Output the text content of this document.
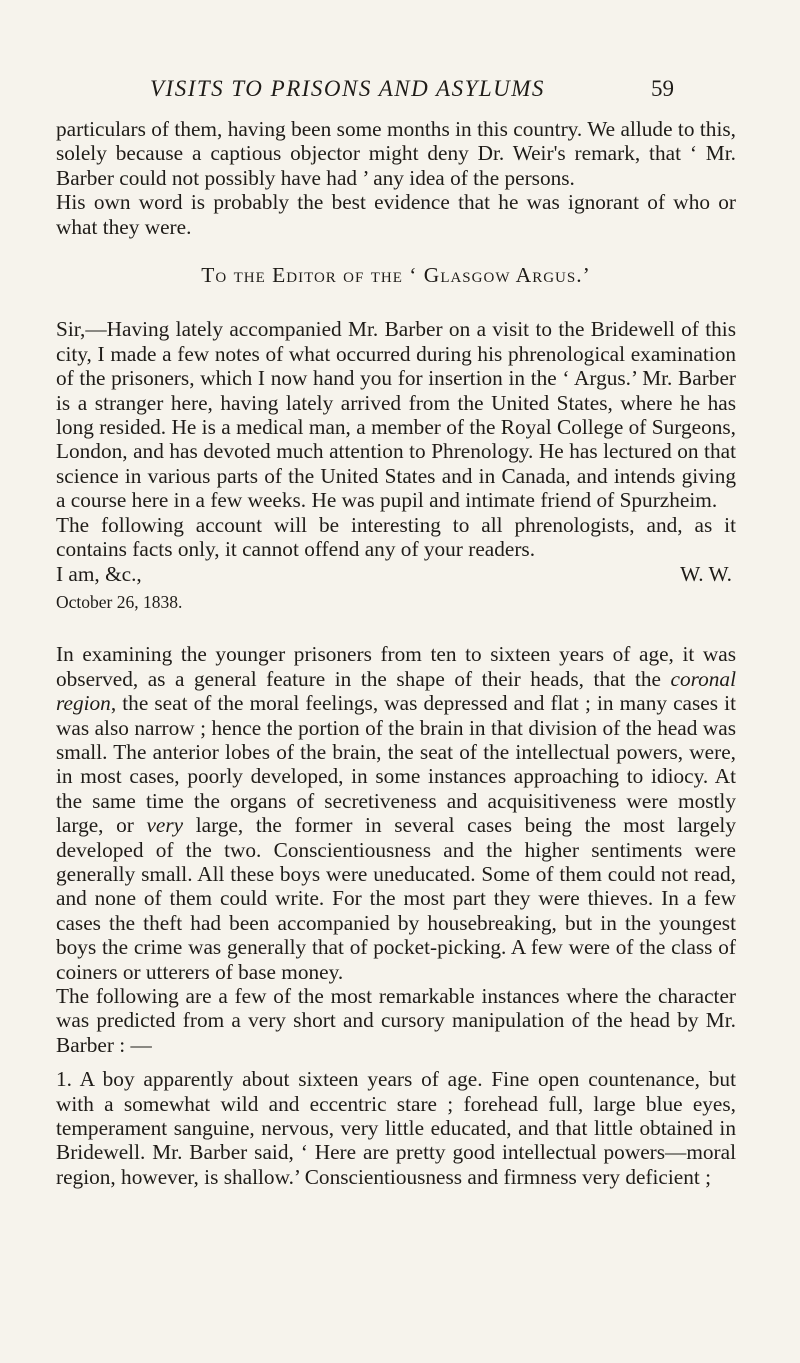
VISITS TO PRISONS AND ASYLUMS	59

particulars of them, having been some months in this country. We allude to this, solely because a captious objector might deny Dr. Weir's remark, that ‘ Mr. Barber could not possibly have had ’ any idea of the persons.

His own word is probably the best evidence that he was ignorant of who or what they were.

To the Editor of the ‘ Glasgow Argus.’

Sir,—Having lately accompanied Mr. Barber on a visit to the Bridewell of this city, I made a few notes of what occurred during his phrenological examination of the prisoners, which I now hand you for insertion in the ‘ Argus.’ Mr. Barber is a stranger here, having lately arrived from the United States, where he has long resided. He is a medical man, a member of the Royal College of Surgeons, London, and has devoted much attention to Phrenology. He has lectured on that science in various parts of the United States and in Canada, and intends giving a course here in a few weeks. He was pupil and intimate friend of Spurzheim.

The following account will be interesting to all phrenologists, and, as it contains facts only, it cannot offend any of your readers.

I am, &c.,	W. W.
October 26, 1838.

In examining the younger prisoners from ten to sixteen years of age, it was observed, as a general feature in the shape of their heads, that the coronal region, the seat of the moral feelings, was depressed and flat ; in many cases it was also narrow ; hence the portion of the brain in that division of the head was small. The anterior lobes of the brain, the seat of the intellectual powers, were, in most cases, poorly developed, in some instances approaching to idiocy. At the same time the organs of secretiveness and acquisitiveness were mostly large, or very large, the former in several cases being the most largely developed of the two. Conscientiousness and the higher sentiments were generally small. All these boys were uneducated. Some of them could not read, and none of them could write. For the most part they were thieves. In a few cases the theft had been accompanied by housebreaking, but in the youngest boys the crime was generally that of pocket-picking. A few were of the class of coiners or utterers of base money.

The following are a few of the most remarkable instances where the character was predicted from a very short and cursory manipulation of the head by Mr. Barber : —

1. A boy apparently about sixteen years of age. Fine open countenance, but with a somewhat wild and eccentric stare ; forehead full, large blue eyes, temperament sanguine, nervous, very little educated, and that little obtained in Bridewell. Mr. Barber said, ‘ Here are pretty good intellectual powers—moral region, however, is shallow.’ Conscientiousness and firmness very deficient ;
